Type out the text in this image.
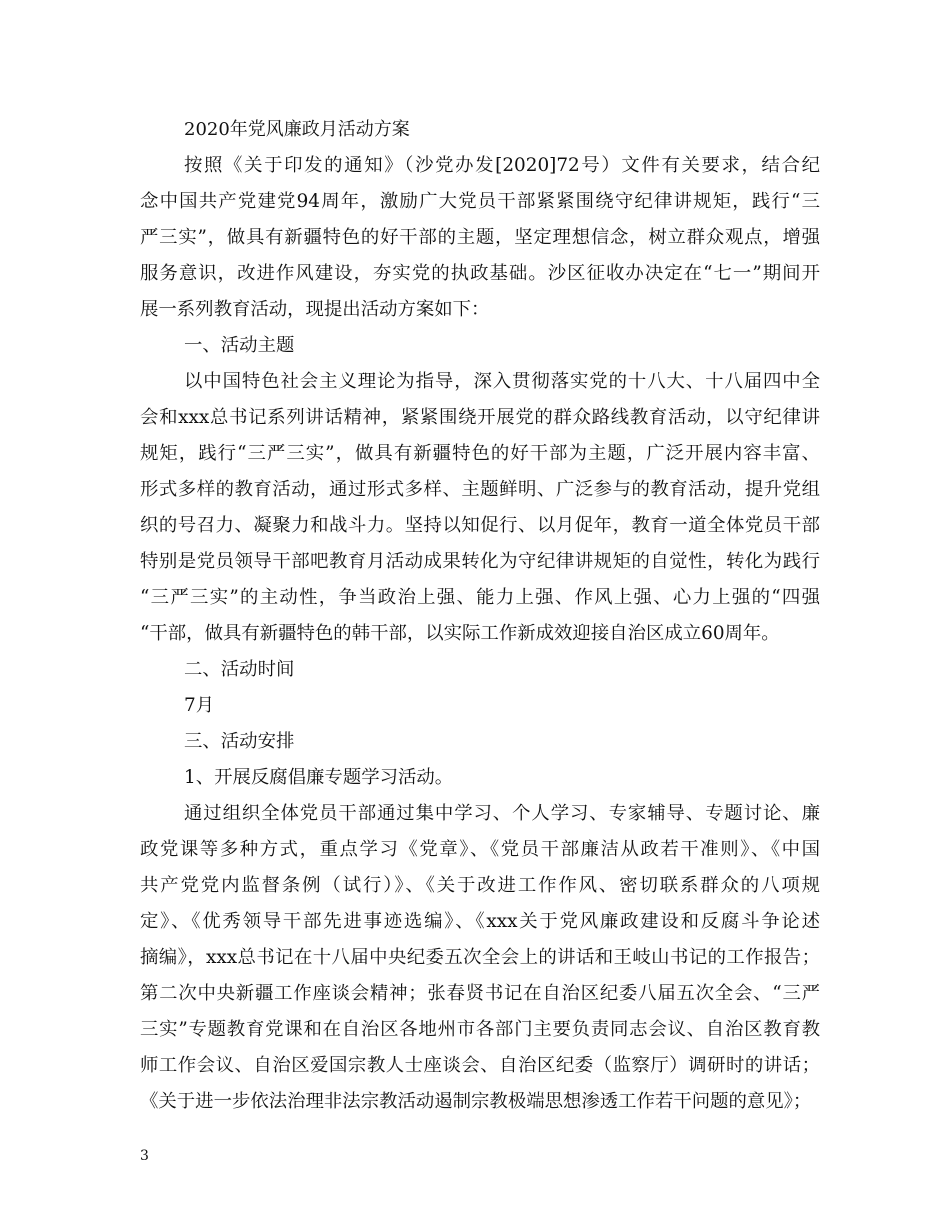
2020年党风廉政月活动方案
按照《关于印发的通知》（沙党办发[2020]72号）文件有关要求，结合纪
念中国共产党建党94周年，激励广大党员干部紧紧围绕守纪律讲规矩，践行“三
严三实”，做具有新疆特色的好干部的主题，坚定理想信念，树立群众观点，增强
服务意识，改进作风建设，夯实党的执政基础。沙区征收办决定在“七一”期间开
展一系列教育活动，现提出活动方案如下：
一、活动主题
以中国特色社会主义理论为指导，深入贯彻落实党的十八大、十八届四中全
会和xxx总书记系列讲话精神，紧紧围绕开展党的群众路线教育活动，以守纪律讲
规矩，践行“三严三实”，做具有新疆特色的好干部为主题，广泛开展内容丰富、
形式多样的教育活动，通过形式多样、主题鲜明、广泛参与的教育活动，提升党组
织的号召力、凝聚力和战斗力。坚持以知促行、以月促年，教育一道全体党员干部
特别是党员领导干部吧教育月活动成果转化为守纪律讲规矩的自觉性，转化为践行
“三严三实”的主动性，争当政治上强、能力上强、作风上强、心力上强的“四强
“干部，做具有新疆特色的韩干部，以实际工作新成效迎接自治区成立60周年。
二、活动时间
7月
三、活动安排
1、开展反腐倡廉专题学习活动。
通过组织全体党员干部通过集中学习、个人学习、专家辅导、专题讨论、廉
政党课等多种方式，重点学习《党章》、《党员干部廉洁从政若干准则》、《中国
共产党党内监督条例（试行）》、《关于改进工作作风、密切联系群众的八项规
定》、《优秀领导干部先进事迹选编》、《xxx关于党风廉政建设和反腐斗争论述
摘编》，xxx总书记在十八届中央纪委五次全会上的讲话和王岐山书记的工作报告；
第二次中央新疆工作座谈会精神；张春贤书记在自治区纪委八届五次全会、“三严
三实”专题教育党课和在自治区各地州市各部门主要负责同志会议、自治区教育教
师工作会议、自治区爱国宗教人士座谈会、自治区纪委（监察厅）调研时的讲话；
《关于进一步依法治理非法宗教活动遏制宗教极端思想渗透工作若干问题的意见》；
3
